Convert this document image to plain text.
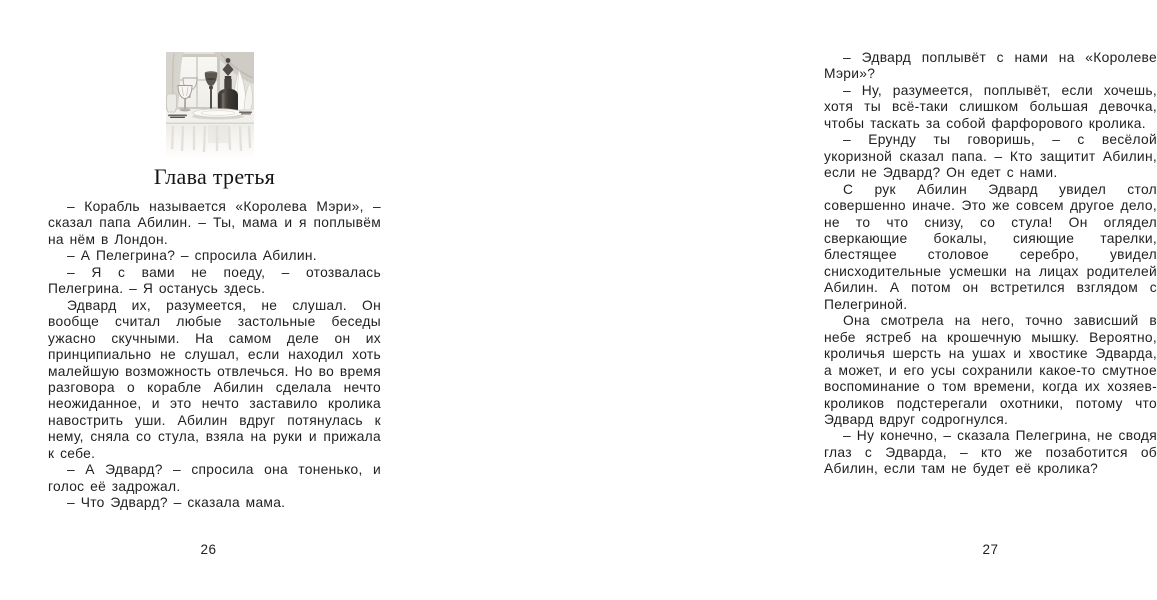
Глава третья

– Корабль называется «Королева Мэри», – сказал папа Абилин. – Ты, мама и я поплывём на нём в Лондон.

– А Пелегрина? – спросила Абилин.

– Я с вами не поеду, – отозвалась Пелегрина. – Я останусь здесь.

Эдвард их, разумеется, не слушал. Он вообще считал любые застольные беседы ужасно скучными. На самом деле он их принципиально не слушал, если находил хоть малейшую возможность отвлечься. Но во время разговора о корабле Абилин сделала нечто неожиданное, и это нечто заставило кролика навострить уши. Абилин вдруг потянулась к нему, сняла со стула, взяла на руки и прижала к себе.

– А Эдвард? – спросила она тоненько, и голос её задрожал.

– Что Эдвард? – сказала мама.

26

– Эдвард поплывёт с нами на «Королеве Мэри»?

– Ну, разумеется, поплывёт, если хочешь, хотя ты всё-таки слишком большая девочка, чтобы таскать за собой фарфорового кролика.

– Ерунду ты говоришь, – с весёлой укоризной сказал папа. – Кто защитит Абилин, если не Эдвард? Он едет с нами.

С рук Абилин Эдвард увидел стол совершенно иначе. Это же совсем другое дело, не то что снизу, со стула! Он оглядел сверкающие бокалы, сияющие тарелки, блестящее столовое серебро, увидел снисходительные усмешки на лицах родителей Абилин. А потом он встретился взглядом с Пелегриной.

Она смотрела на него, точно зависший в небе ястреб на крошечную мышку. Вероятно, кроличья шерсть на ушах и хвостике Эдварда, а может, и его усы сохранили какое-то смутное воспоминание о том времени, когда их хозяев-кроликов подстерегали охотники, потому что Эдвард вдруг содрогнулся.

– Ну конечно, – сказала Пелегрина, не сводя глаз с Эдварда, – кто же позаботится об Абилин, если там не будет её кролика?

27
